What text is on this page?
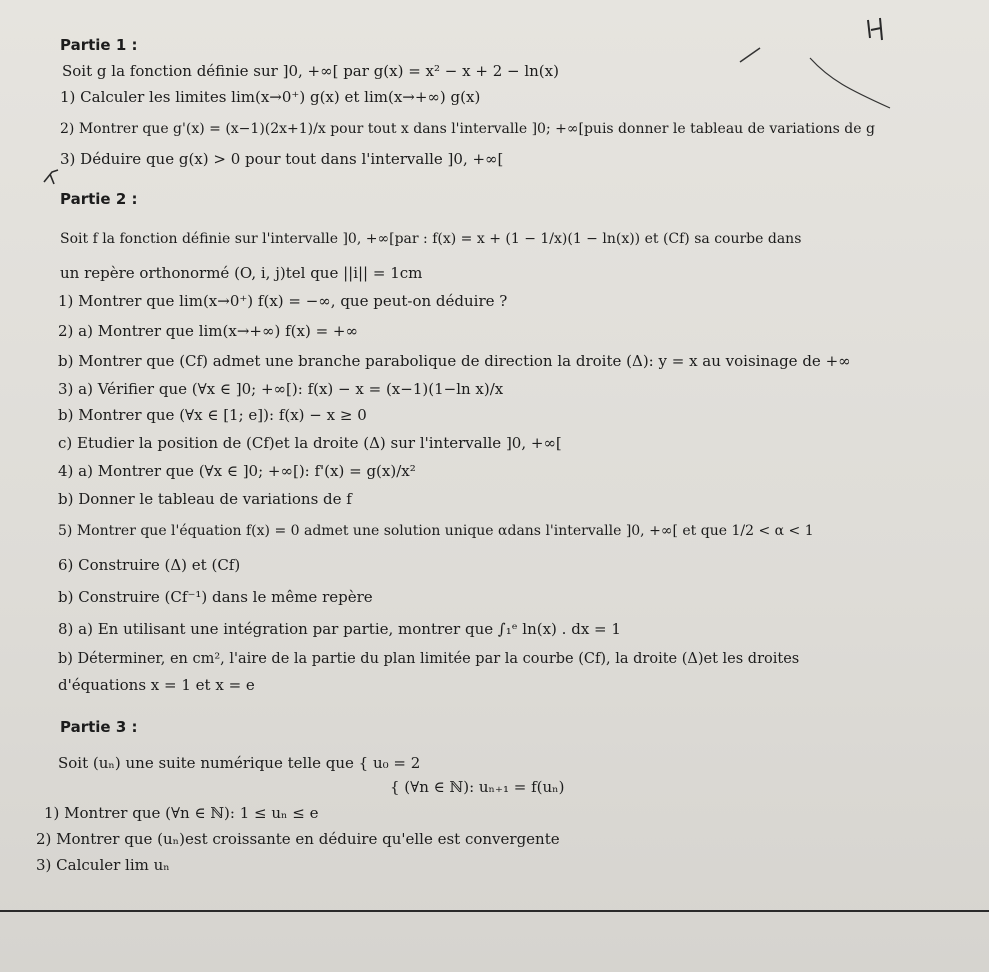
Partie 1 :
Soit g la fonction définie sur ]0, +∞[ par g(x) = x² − x + 2 − ln(x)
1) Calculer les limites lim(x→0⁺) g(x) et lim(x→+∞) g(x)
2) Montrer que g'(x) = (x−1)(2x+1)/x pour tout x dans l'intervalle ]0; +∞[puis donner le tableau de variations de g
3) Déduire que g(x) > 0 pour tout dans l'intervalle ]0, +∞[
Partie 2 :
Soit f la fonction définie sur l'intervalle ]0, +∞[par : f(x) = x + (1 − 1/x)(1 − ln(x)) et (Cf) sa courbe dans
un repère orthonormé (O, i, j)tel que ||i|| = 1cm
1) Montrer que lim(x→0⁺) f(x) = −∞, que peut-on déduire ?
2) a) Montrer que lim(x→+∞) f(x) = +∞
b) Montrer que (Cf) admet une branche parabolique de direction la droite (Δ): y = x au voisinage de +∞
3) a) Vérifier que (∀x ∈ ]0; +∞[): f(x) − x = (x−1)(1−ln x)/x
b) Montrer que (∀x ∈ [1; e]): f(x) − x ≥ 0
c) Etudier la position de (Cf)et la droite (Δ) sur l'intervalle ]0, +∞[
4) a) Montrer que (∀x ∈ ]0; +∞[): f'(x) = g(x)/x²
b) Donner le tableau de variations de f
5) Montrer que l'équation f(x) = 0 admet une solution unique αdans l'intervalle ]0, +∞[ et que 1/2 < α < 1
6) Construire (Δ) et (Cf)
b) Construire (Cf⁻¹) dans le même repère
8) a) En utilisant une intégration par partie, montrer que ∫₁ᵉ ln(x) . dx = 1
b) Déterminer, en cm², l'aire de la partie du plan limitée par la courbe (Cf), la droite (Δ)et les droites
d'équations x = 1 et x = e
Partie 3 :
Soit (uₙ) une suite numérique telle que { u₀ = 2
{ (∀n ∈ ℕ): uₙ₊₁ = f(uₙ)
1) Montrer que (∀n ∈ ℕ): 1 ≤ uₙ ≤ e
2) Montrer que (uₙ)est croissante en déduire qu'elle est convergente
3) Calculer lim uₙ
